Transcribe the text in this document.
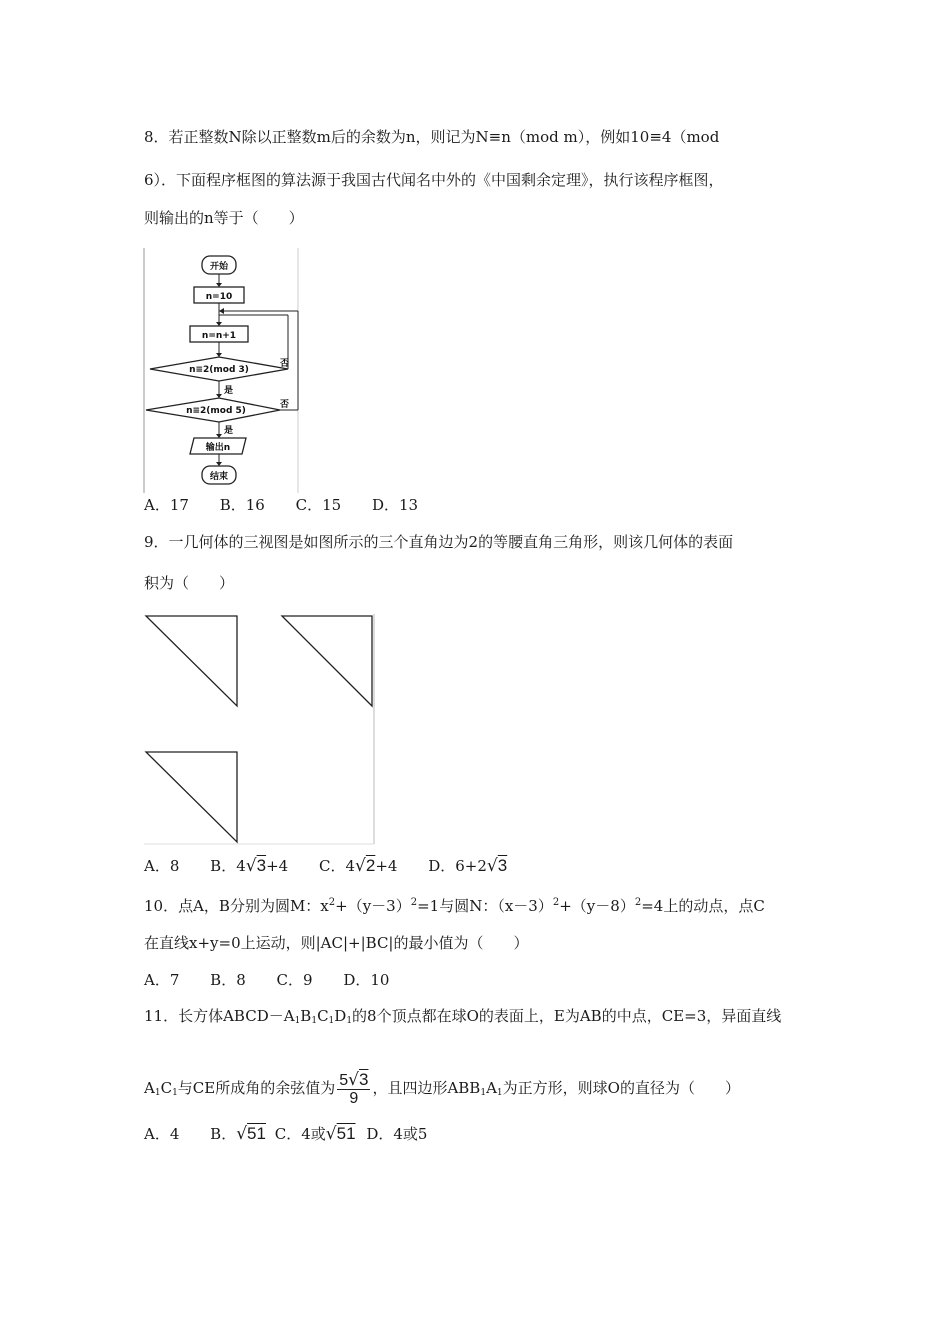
8．若正整数N除以正整数m后的余数为n，则记为N≡n（mod m），例如10≡4（mod
6）．下面程序框图的算法源于我国古代闻名中外的《中国剩余定理》，执行该程序框图，
则输出的n等于（　　）
开始
n=10
n=n+1
n≡2(mod 3)
否
是
n≡2(mod 5)
否
是
输出n
结束
A．17 B．16 C．15 D．13
9．一几何体的三视图是如图所示的三个直角边为2的等腰直角三角形，则该几何体的表面
积为（　　）
A．8 B．4√3+4 C．4√2+4 D．6+2√3
10．点A，B分别为圆M：$x^2+(y-3)^2=1$与圆N：$(x-3)^2+(y-8)^2=4$上的动点，点C
在直线x+y=0上运动，则|AC|+|BC|的最小值为（　　）
A．7 B．8 C．9 D．10
11．长方体$ABCD-A_1B_1C_1D_1$的8个顶点都在球O的表面上，E为AB的中点，CE=3，异面直线
$A_1C_1$与CE所成角的余弦值为 $\frac{5√3}{9}$ ，且四边形$ABB_1A_1$为正方形，则球O的直径为（　　）
A．4 B．√51 C．4或√51 D．4或5
